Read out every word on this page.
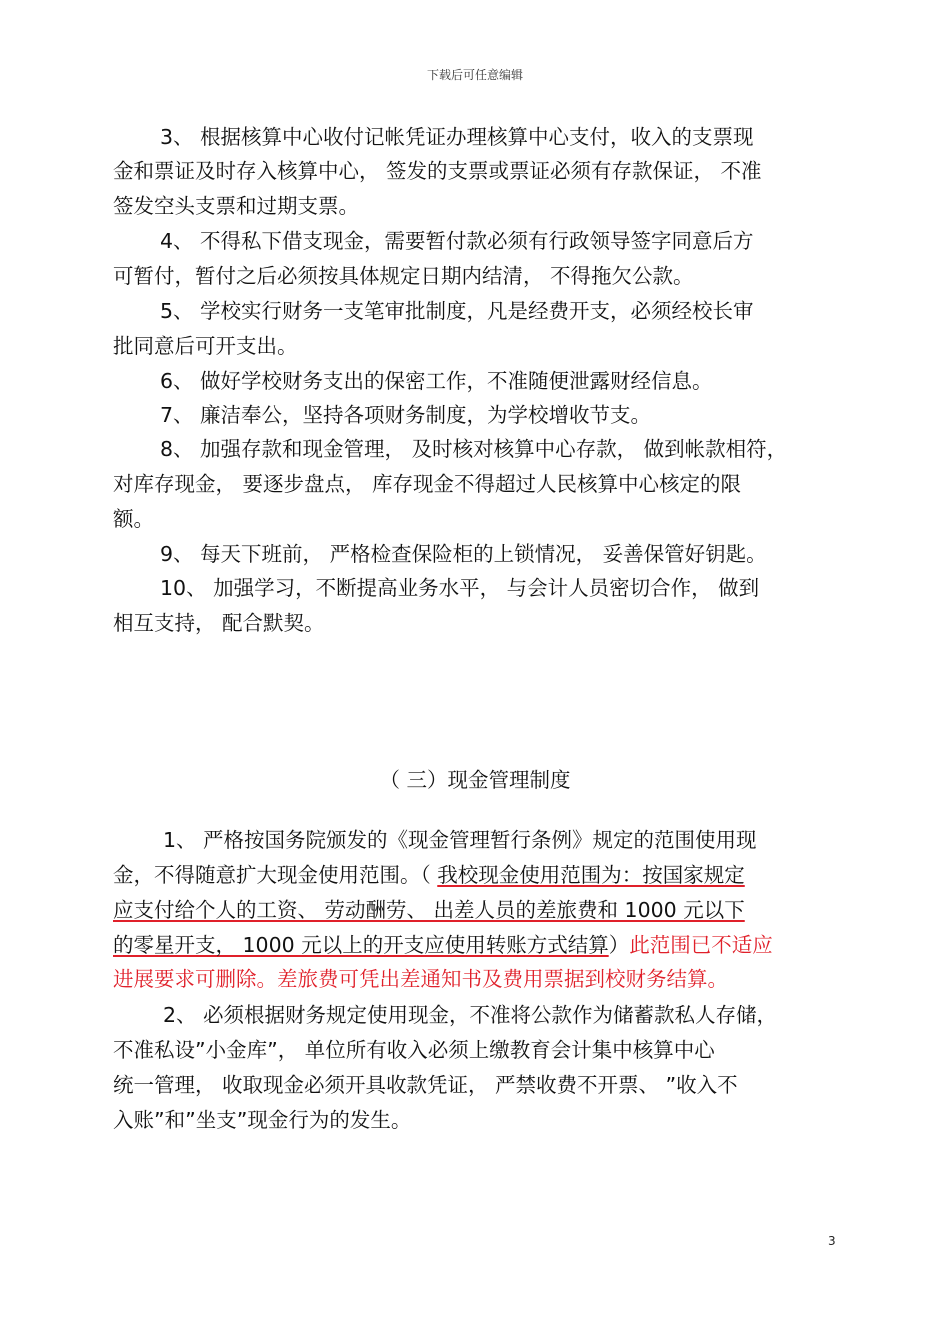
下载后可任意编辑
3、 根据核算中心收付记帐凭证办理核算中心支付，收入的支票现
金和票证及时存入核算中心， 签发的支票或票证必须有存款保证， 不准
签发空头支票和过期支票。
4、 不得私下借支现金，需要暂付款必须有行政领导签字同意后方
可暂付，暂付之后必须按具体规定日期内结清， 不得拖欠公款。
5、 学校实行财务一支笔审批制度，凡是经费开支，必须经校长审
批同意后可开支出。
6、 做好学校财务支出的保密工作，不准随便泄露财经信息。
7、 廉洁奉公，坚持各项财务制度，为学校增收节支。
8、 加强存款和现金管理， 及时核对核算中心存款， 做到帐款相符，
对库存现金， 要逐步盘点， 库存现金不得超过人民核算中心核定的限
额。
9、 每天下班前， 严格检查保险柜的上锁情况， 妥善保管好钥匙。
10、 加强学习，不断提高业务水平， 与会计人员密切合作， 做到
相互支持， 配合默契。
（ 三）现金管理制度
1、 严格按国务院颁发的《现金管理暂行条例》规定的范围使用现
金，不得随意扩大现金使用范围。（ 我校现金使用范围为：按国家规定
应支付给个人的工资、 劳动酬劳、 出差人员的差旅费和 1000 元以下
的零星开支， 1000 元以上的开支应使用转账方式结算）此范围已不适应
进展要求可删除。差旅费可凭出差通知书及费用票据到校财务结算。
2、 必须根据财务规定使用现金，不准将公款作为储蓄款私人存储，
不准私设”小金库”， 单位所有收入必须上缴教育会计集中核算中心
统一管理， 收取现金必须开具收款凭证， 严禁收费不开票、 ”收入不
入账”和”坐支”现金行为的发生。
3
